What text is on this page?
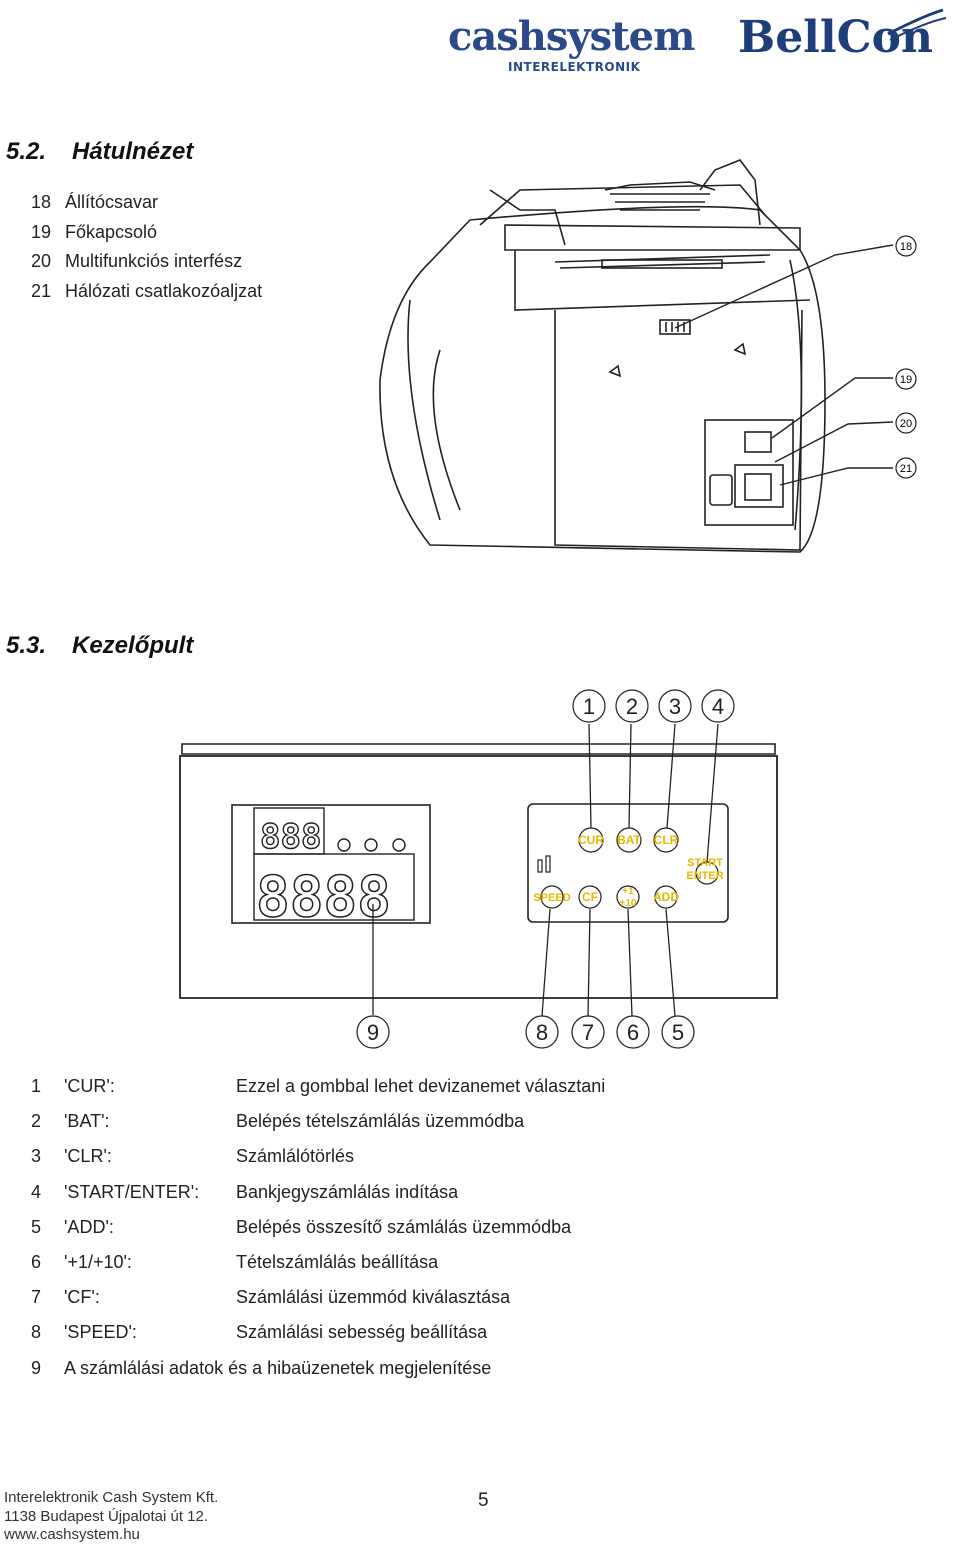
cashsystem
INTERELEKTRONIK
BellCon
5.2. Hátulnézet
18 Állítócsavar
19 Főkapcsoló
20 Multifunkciós interfész
21 Hálózati csatlakozóaljzat
18
19
20
21
5.3. Kezelőpult
888
8888
CUR BAT CLR
START
ENTER
SPEED CF +1
+10 ADD
1 2 3 4
9	8 7 6 5
1 'CUR':	Ezzel a gombbal lehet devizanemet választani
2 'BAT':	Belépés tételszámlálás üzemmódba
3 'CLR':	Számlálótörlés
4 'START/ENTER': Bankjegyszámlálás indítása
5 'ADD':	Belépés összesítő számlálás üzemmódba
6 '+1/+10':	Tételszámlálás beállítása
7 'CF':	Számlálási üzemmód kiválasztása
8 'SPEED':	Számlálási sebesség beállítása
9 A számlálási adatok és a hibaüzenetek megjelenítése
Interelektronik Cash System Kft.
1138 Budapest Újpalotai út 12.
www.cashsystem.hu
5
